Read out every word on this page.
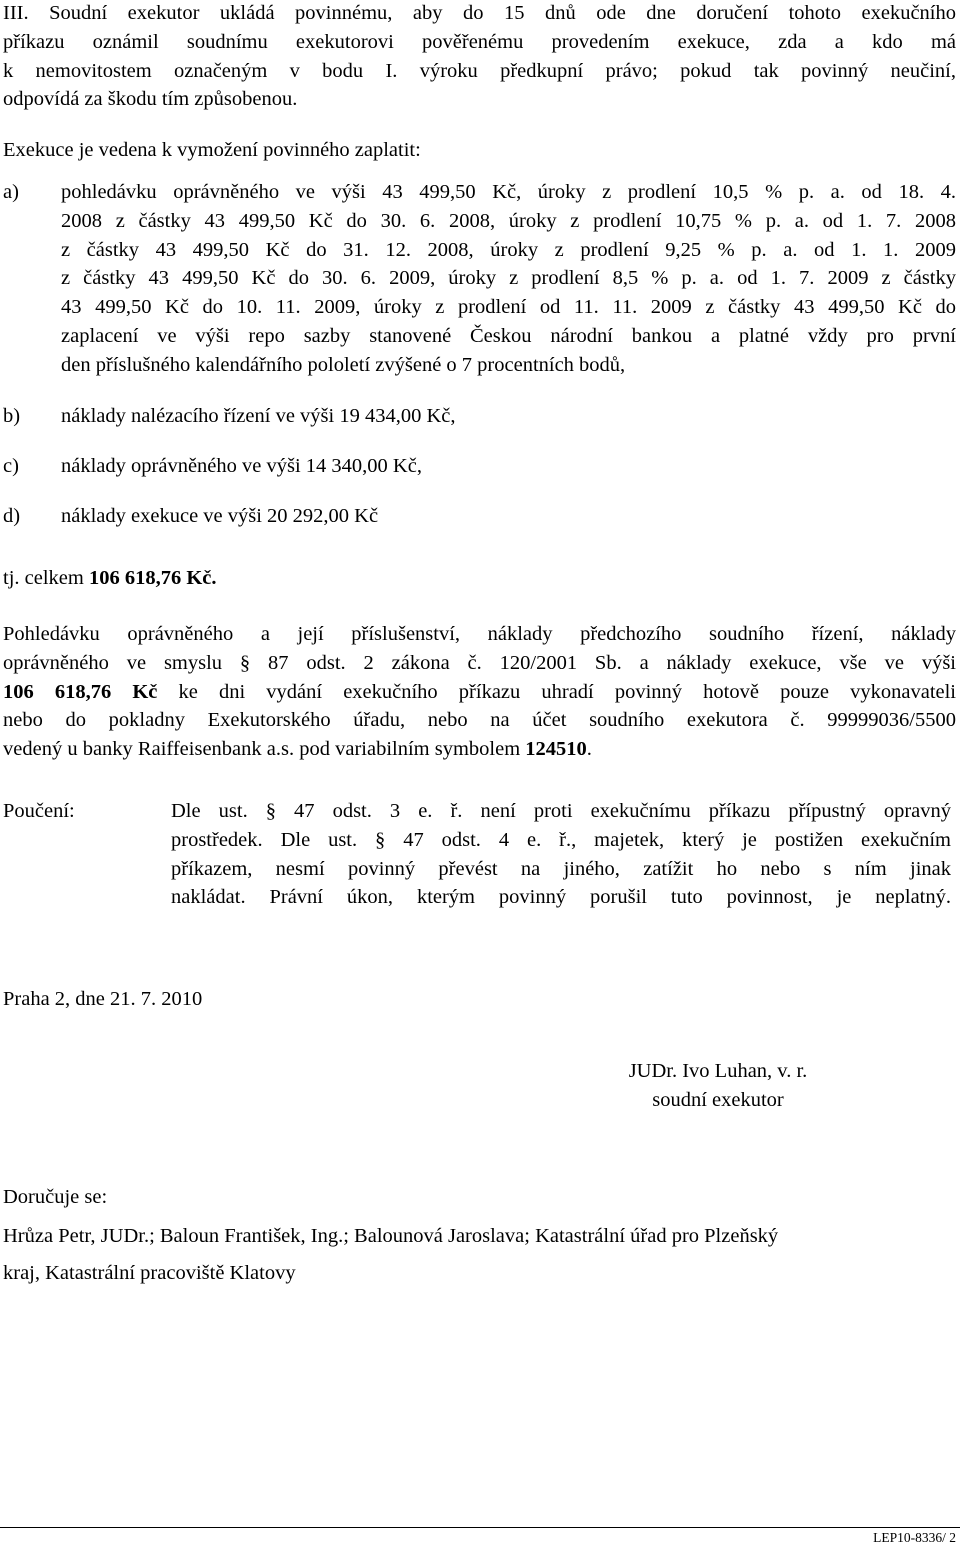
III. Soudní exekutor ukládá povinnému, aby do 15 dnů ode dne doručení tohoto exekučního

příkazu oznámil soudnímu exekutorovi pověřenému provedením exekuce, zda a kdo má

k nemovitostem označeným v bodu I. výroku předkupní právo; pokud tak povinný neučiní,

odpovídá za škodu tím způsobenou.

Exekuce je vedena k vymožení povinného zaplatit:

a)	pohledávku oprávněného ve výši 43 499,50 Kč, úroky z prodlení 10,5 % p. a. od 18. 4.

2008 z částky 43 499,50 Kč do 30. 6. 2008, úroky z prodlení 10,75 % p. a. od 1. 7. 2008

z částky 43 499,50 Kč do 31. 12. 2008, úroky z prodlení 9,25 % p. a. od 1. 1. 2009

z částky 43 499,50 Kč do 30. 6. 2009, úroky z prodlení 8,5 % p. a. od 1. 7. 2009 z částky

43 499,50 Kč do 10. 11. 2009, úroky z prodlení od 11. 11. 2009 z částky 43 499,50 Kč do

zaplacení ve výši repo sazby stanovené Českou národní bankou a platné vždy pro první

den příslušného kalendářního pololetí zvýšené o 7 procentních bodů,

b)	náklady nalézacího řízení ve výši 19 434,00 Kč,
c)	náklady oprávněného ve výši 14 340,00 Kč,
d)	náklady exekuce ve výši 20 292,00 Kč

tj. celkem 106 618,76 Kč.

Pohledávku oprávněného a její příslušenství, náklady předchozího soudního řízení, náklady

oprávněného ve smyslu § 87 odst. 2 zákona č. 120/2001 Sb. a náklady exekuce, vše ve výši

106 618,76 Kč ke dni vydání exekučního příkazu uhradí povinný hotově pouze vykonavateli

nebo do pokladny Exekutorského úřadu, nebo na účet soudního exekutora č. 99999036/5500

vedený u banky Raiffeisenbank a.s. pod variabilním symbolem 124510.

Poučení:	Dle ust. § 47 odst. 3 e. ř. není proti exekučnímu příkazu přípustný opravný

prostředek. Dle ust. § 47 odst. 4 e. ř., majetek, který je postižen exekučním

příkazem, nesmí povinný převést na jiného, zatížit ho nebo s ním jinak

nakládat. Právní úkon, kterým povinný porušil tuto povinnost, je neplatný.

Praha 2, dne 21. 7. 2010

JUDr. Ivo Luhan, v. r.

soudní exekutor

Doručuje se:

Hrůza Petr, JUDr.; Baloun František, Ing.; Balounová Jaroslava; Katastrální úřad pro Plzeňský

kraj, Katastrální pracoviště Klatovy

LEP10-8336/ 2
